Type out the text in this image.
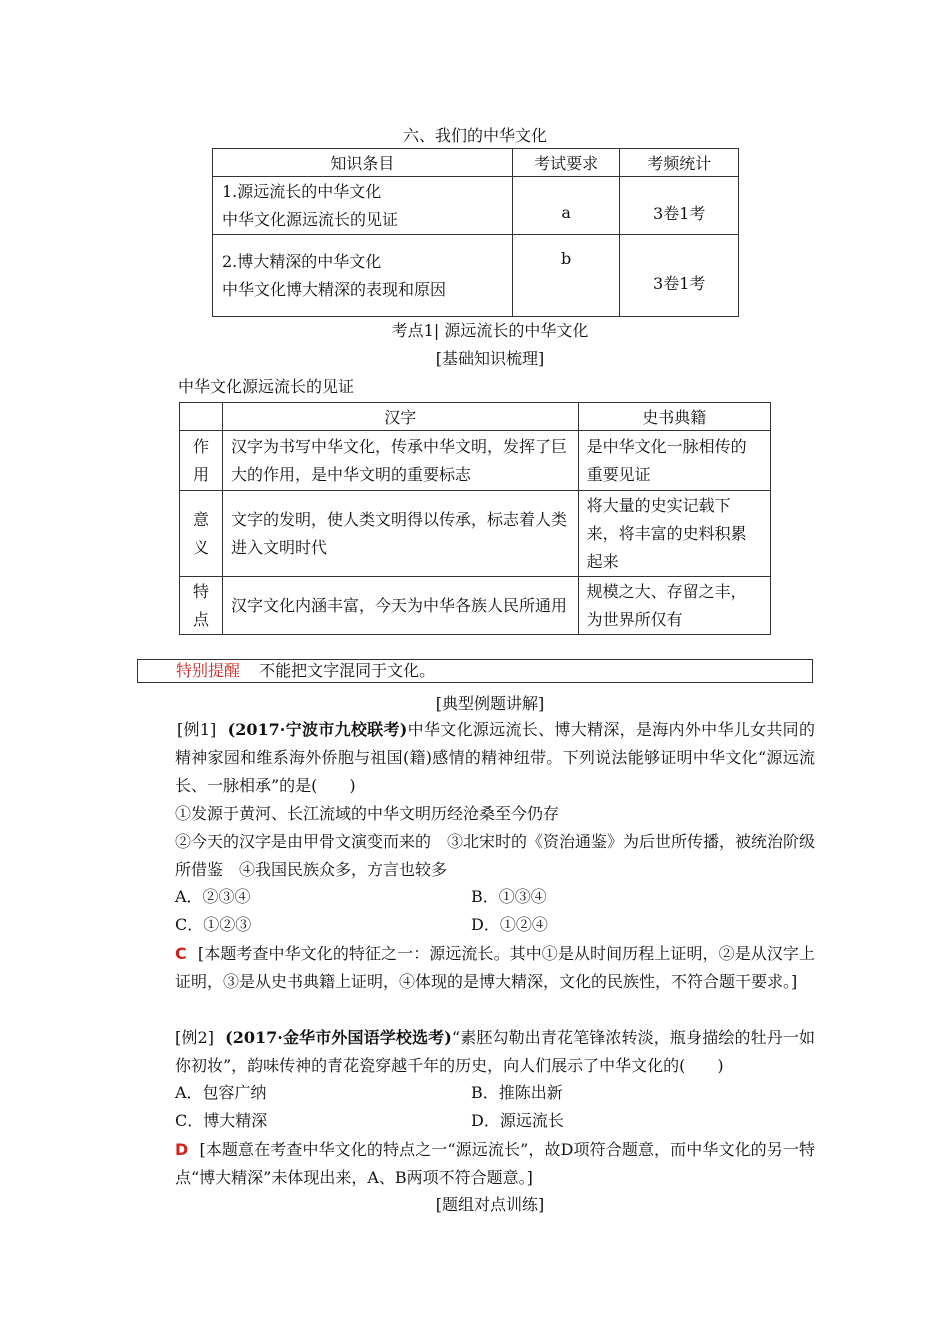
六、我们的中华文化
知识条目	考试要求	考频统计

1.源远流长的中华文化
中华文化源远流长的见证	a	3卷1考

2.博大精深的中华文化
中华文化博大精深的表现和原因	b	3卷1考
考点1| 源远流长的中华文化
[基础知识梳理]
中华文化源远流长的见证
	汉字	史书典籍
作用	汉字为书写中华文化，传承中华文明，发挥了巨大的作用，是中华文明的重要标志	是中华文化一脉相传的重要见证
意义	文字的发明，使人类文明得以传承，标志着人类进入文明时代	将大量的史实记载下来，将丰富的史料积累起来
特点	汉字文化内涵丰富，今天为中华各族人民所通用	规模之大、存留之丰，为世界所仅有
特别提醒 不能把文字混同于文化。
[典型例题讲解]
[例1] (2017·宁波市九校联考)中华文化源远流长、博大精深，是海内外中华儿女共同的精神家园和维系海外侨胞与祖国(籍)感情的精神纽带。下列说法能够证明中华文化“源远流长、一脉相承”的是(　　)
①发源于黄河、长江流域的中华文明历经沧桑至今仍存
②今天的汉字是由甲骨文演变而来的　③北宋时的《资治通鉴》为后世所传播，被统治阶级所借鉴　④我国民族众多，方言也较多
A．②③④	B．①③④
C．①②③	D．①②④
C [本题考查中华文化的特征之一：源远流长。其中①是从时间历程上证明，②是从汉字上证明，③是从史书典籍上证明，④体现的是博大精深，文化的民族性，不符合题干要求。]
[例2] (2017·金华市外国语学校选考)“素胚勾勒出青花笔锋浓转淡，瓶身描绘的牡丹一如你初妆”，韵味传神的青花瓷穿越千年的历史，向人们展示了中华文化的(　　)
A．包容广纳	B．推陈出新
C．博大精深	D．源远流长
D [本题意在考查中华文化的特点之一“源远流长”，故D项符合题意，而中华文化的另一特点“博大精深”未体现出来，A、B两项不符合题意。]
[题组对点训练]
